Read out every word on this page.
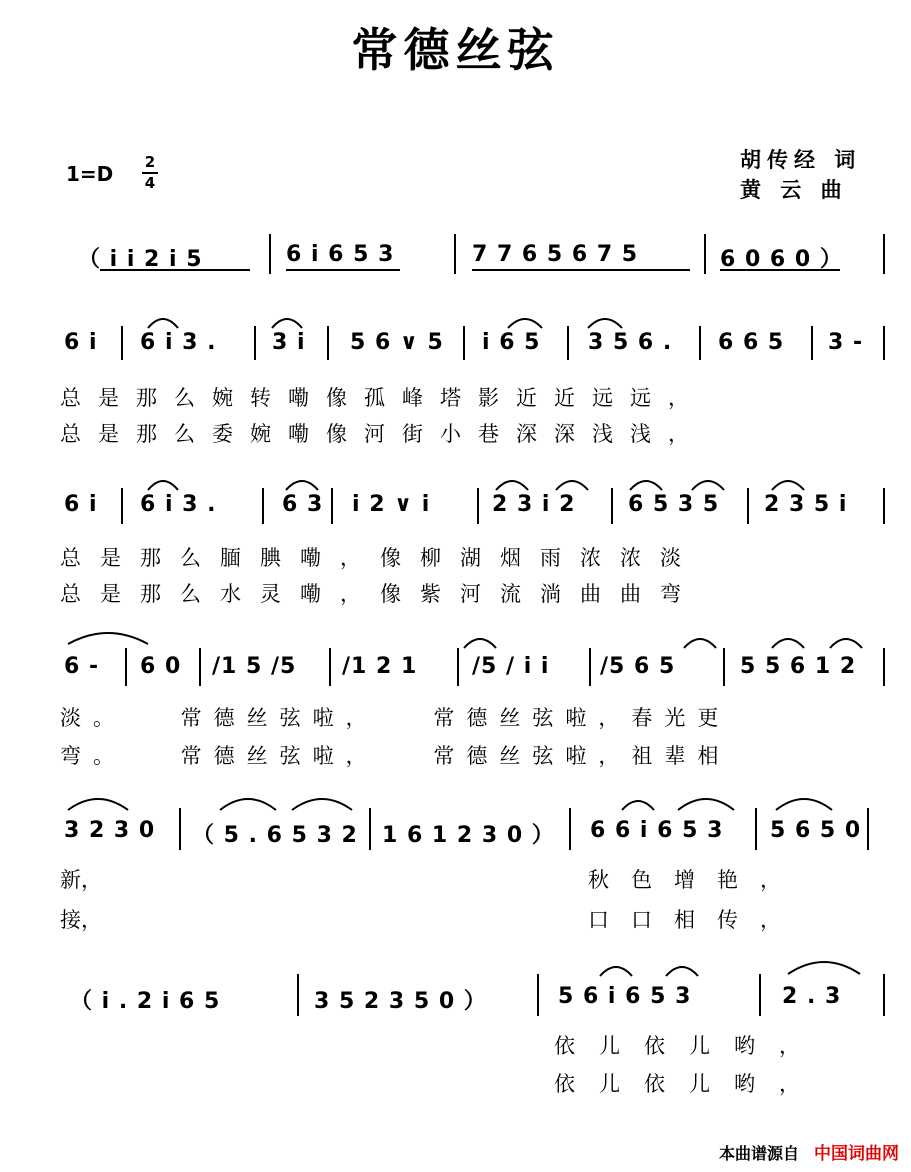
常德丝弦
1=D 2
4
胡传经 词
黄 云 曲
（ i i 2 i 5	6 i 6 5 3	7 7 6 5 6 7 5	6 0 6 0 ）
6 i 6 i 3 .	3 i 5 6 ∨ 5 i 6 5 3 5 6 . 6 6 5 3 -
总是那么婉转嘞像孤峰塔影近近远远，
总是那么委婉嘞像河街小巷深深浅浅，
6 i 6 i 3 .	6 3 i 2 ∨ i	2 3 i 2 6 5 3 5 2 3 5 i
总是那么腼腆嘞，像柳湖烟雨浓浓淡
总是那么水灵嘞，像紫河流淌曲曲弯
6 - 6 0 /1 5 /5 /1 2 1 /5 / i i /5 6 5	5 5 6 1 2
淡。 常德丝弦啦， 常德丝弦啦，春光更
弯。 常德丝弦啦， 常德丝弦啦，祖辈相
3 2 3 0 （ 5 . 6 5 3 2 1 6 1 2 3 0 ） 6 6 i 6 5 3 5 6 5 0
新，
接，
秋色增艳，
口口相传，
（ i . 2 i 6 5	3 5 2 3 5 0 ）	5 6 i 6 5 3	2 . 3
依儿依儿哟，
依儿依儿哟，
本曲谱源自 中国词曲网
